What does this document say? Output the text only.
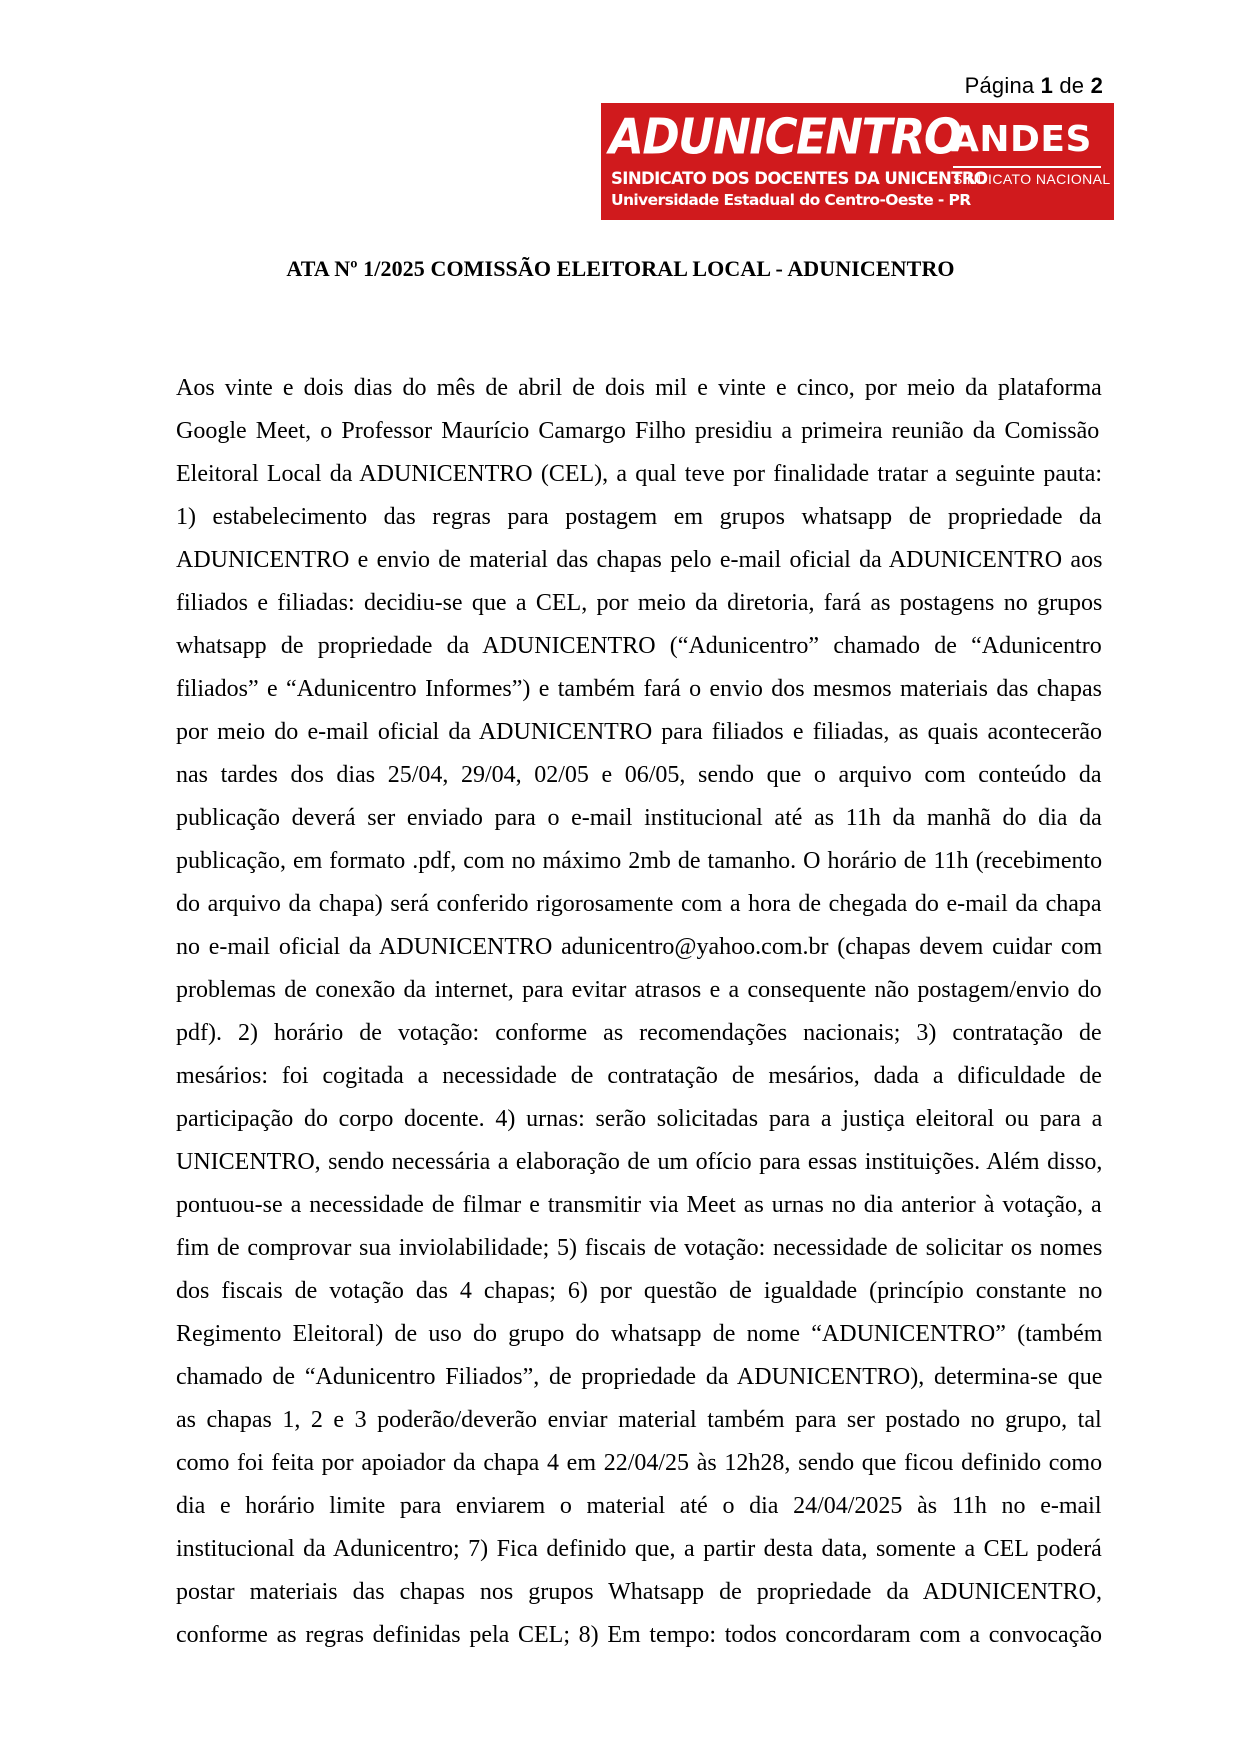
Página 1 de 2
ADUNICENTRO
SINDICATO DOS DOCENTES DA UNICENTRO
Universidade Estadual do Centro-Oeste - PR
ANDES
SINDICATO NACIONAL
ATA Nº 1/2025 COMISSÃO ELEITORAL LOCAL - ADUNICENTRO
Aos vinte e dois dias do mês de abril de dois mil e vinte e cinco, por meio da plataforma
Google Meet, o Professor Maurício Camargo Filho presidiu a primeira reunião da Comissão
Eleitoral Local da ADUNICENTRO (CEL), a qual teve por finalidade tratar a seguinte pauta:
1) estabelecimento das regras para postagem em grupos whatsapp de propriedade da
ADUNICENTRO e envio de material das chapas pelo e-mail oficial da ADUNICENTRO aos
filiados e filiadas: decidiu-se que a CEL, por meio da diretoria, fará as postagens no grupos
whatsapp de propriedade da ADUNICENTRO (“Adunicentro” chamado de “Adunicentro
filiados” e “Adunicentro Informes”) e também fará o envio dos mesmos materiais das chapas
por meio do e-mail oficial da ADUNICENTRO para filiados e filiadas, as quais acontecerão
nas tardes dos dias 25/04, 29/04, 02/05 e 06/05, sendo que o arquivo com conteúdo da
publicação deverá ser enviado para o e-mail institucional até as 11h da manhã do dia da
publicação, em formato .pdf, com no máximo 2mb de tamanho. O horário de 11h (recebimento
do arquivo da chapa) será conferido rigorosamente com a hora de chegada do e-mail da chapa
no e-mail oficial da ADUNICENTRO adunicentro@yahoo.com.br (chapas devem cuidar com
problemas de conexão da internet, para evitar atrasos e a consequente não postagem/envio do
pdf). 2) horário de votação: conforme as recomendações nacionais; 3) contratação de
mesários: foi cogitada a necessidade de contratação de mesários, dada a dificuldade de
participação do corpo docente. 4) urnas: serão solicitadas para a justiça eleitoral ou para a
UNICENTRO, sendo necessária a elaboração de um ofício para essas instituições. Além disso,
pontuou-se a necessidade de filmar e transmitir via Meet as urnas no dia anterior à votação, a
fim de comprovar sua inviolabilidade; 5) fiscais de votação: necessidade de solicitar os nomes
dos fiscais de votação das 4 chapas; 6) por questão de igualdade (princípio constante no
Regimento Eleitoral) de uso do grupo do whatsapp de nome “ADUNICENTRO” (também
chamado de “Adunicentro Filiados”, de propriedade da ADUNICENTRO), determina-se que
as chapas 1, 2 e 3 poderão/deverão enviar material também para ser postado no grupo, tal
como foi feita por apoiador da chapa 4 em 22/04/25 às 12h28, sendo que ficou definido como
dia e horário limite para enviarem o material até o dia 24/04/2025 às 11h no e-mail
institucional da Adunicentro; 7) Fica definido que, a partir desta data, somente a CEL poderá
postar materiais das chapas nos grupos Whatsapp de propriedade da ADUNICENTRO,
conforme as regras definidas pela CEL; 8) Em tempo: todos concordaram com a convocação
